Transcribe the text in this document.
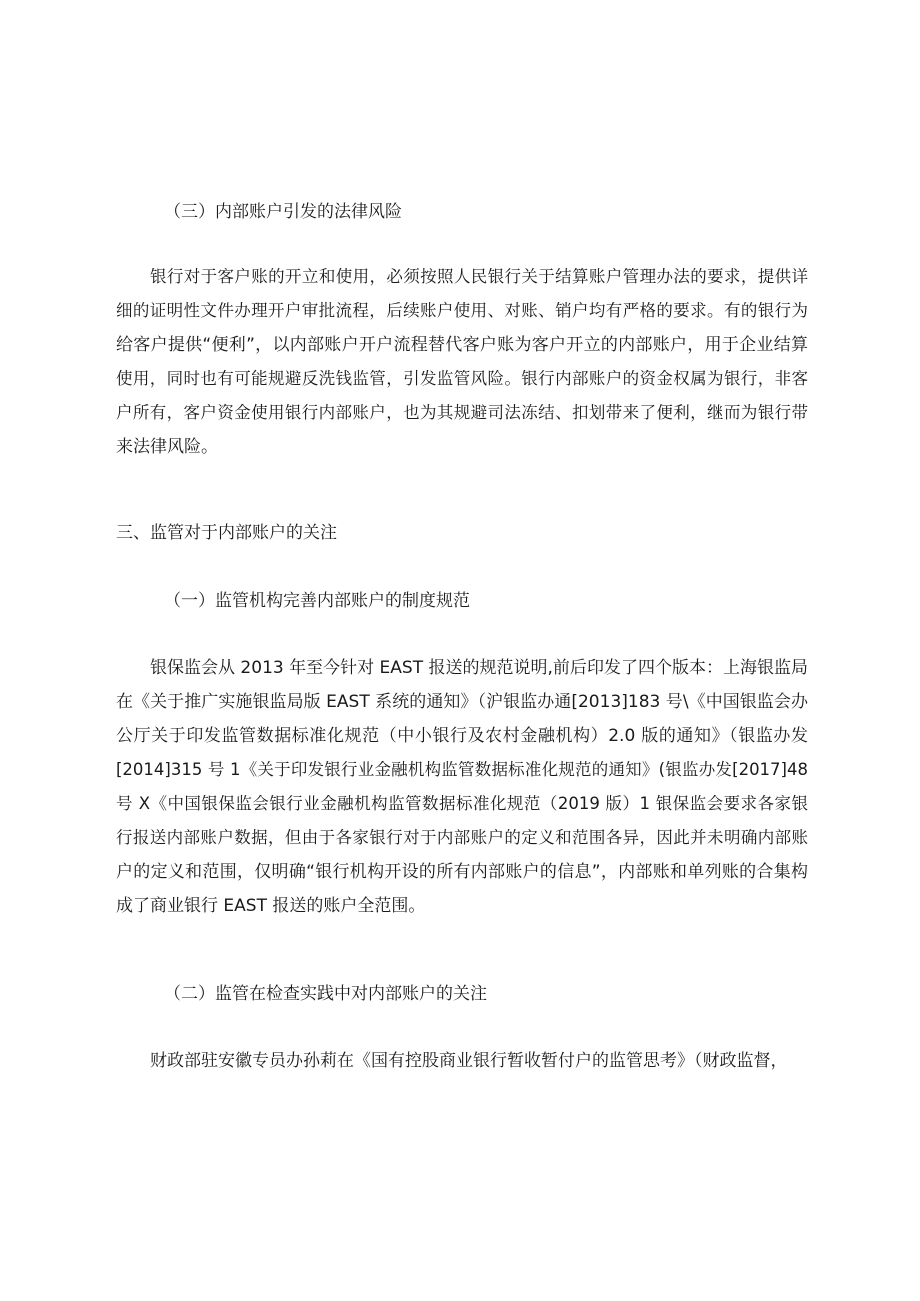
（三）内部账户引发的法律风险
银行对于客户账的开立和使用，必须按照人民银行关于结算账户管理办法的要求，提供详
细的证明性文件办理开户审批流程，后续账户使用、对账、销户均有严格的要求。有的银行为
给客户提供“便利”，以内部账户开户流程替代客户账为客户开立的内部账户，用于企业结算
使用，同时也有可能规避反洗钱监管，引发监管风险。银行内部账户的资金权属为银行，非客
户所有，客户资金使用银行内部账户，也为其规避司法冻结、扣划带来了便利，继而为银行带
来法律风险。
三、监管对于内部账户的关注
（一）监管机构完善内部账户的制度规范
银保监会从 2013 年至今针对 EAST 报送的规范说明,前后印发了四个版本：上海银监局
在《关于推广实施银监局版 EAST 系统的通知》（沪银监办通[2013]183 号\《中国银监会办
公厅关于印发监管数据标准化规范（中小银行及农村金融机构）2.0 版的通知》（银监办发
[2014]315 号 1《关于印发银行业金融机构监管数据标准化规范的通知》(银监办发[2017]48
号 X《中国银保监会银行业金融机构监管数据标准化规范（2019 版）1 银保监会要求各家银
行报送内部账户数据，但由于各家银行对于内部账户的定义和范围各异，因此并未明确内部账
户的定义和范围，仅明确“银行机构开设的所有内部账户的信息”，内部账和单列账的合集构
成了商业银行 EAST 报送的账户全范围。
（二）监管在检查实践中对内部账户的关注
财政部驻安徽专员办孙莉在《国有控股商业银行暂收暂付户的监管思考》（财政监督，
